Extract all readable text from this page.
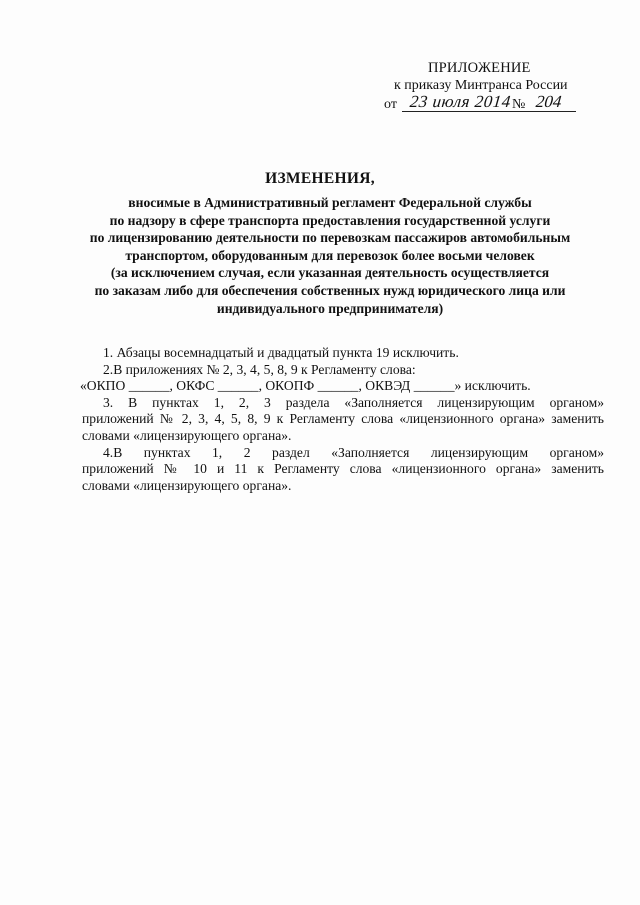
ПРИЛОЖЕНИЕ
к приказу Минтранса России
от 23 июля 2014 № 204
ИЗМЕНЕНИЯ,
вносимые в Административный регламент Федеральной службы
по надзору в сфере транспорта предоставления государственной услуги
по лицензированию деятельности по перевозкам пассажиров автомобильным
транспортом, оборудованным для перевозок более восьми человек
(за исключением случая, если указанная деятельность осуществляется
по заказам либо для обеспечения собственных нужд юридического лица или
индивидуального предпринимателя)

1. Абзацы восемнадцатый и двадцатый пункта 19 исключить.

2.В приложениях № 2, 3, 4, 5, 8, 9 к Регламенту слова:

«ОКПО ______, ОКФС ______, ОКОПФ ______, ОКВЭД ______» исключить.

3. В пунктах 1, 2, 3 раздела «Заполняется лицензирующим органом»
приложений № 2, 3, 4, 5, 8, 9 к Регламенту слова «лицензионного органа» заменить
словами «лицензирующего органа».

4.В пунктах 1, 2 раздел «Заполняется лицензирующим органом»
приложений № 10 и 11 к Регламенту слова «лицензионного органа» заменить
словами «лицензирующего органа».
